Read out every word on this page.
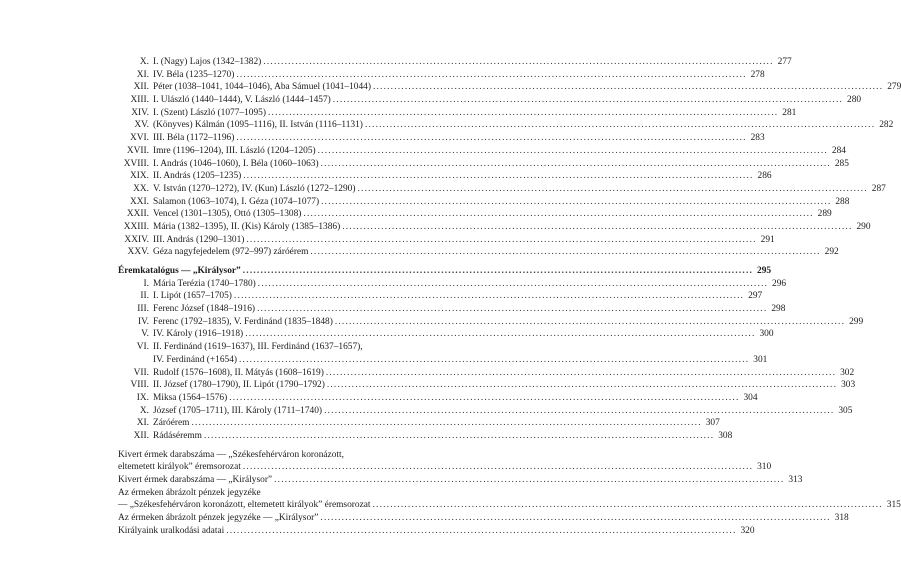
X. I. (Nagy) Lajos (1342–1382) .....	277
XI. IV. Béla (1235–1270) .....	278
XII. Péter (1038–1041, 1044–1046), Aba Sámuel (1041–1044) .....	279
XIII. I. Ulászló (1440–1444), V. László (1444–1457) .....	280
XIV. I. (Szent) László (1077–1095) .....	281
XV. (Könyves) Kálmán (1095–1116), II. István (1116–1131) .....	282
XVI. III. Béla (1172–1196) .....	283
XVII. Imre (1196–1204), III. László (1204–1205) .....	284
XVIII. I. András (1046–1060), I. Béla (1060–1063) .....	285
XIX. II. András (1205–1235) .....	286
XX. V. István (1270–1272), IV. (Kun) László (1272–1290) .....	287
XXI. Salamon (1063–1074), I. Géza (1074–1077) .....	288
XXII. Vencel (1301–1305), Ottó (1305–1308) .....	289
XXIII. Mária (1382–1395), II. (Kis) Károly (1385–1386) .....	290
XXIV. III. András (1290–1301) .....	291
XXV. Géza nagyfejedelem (972–997) záróérem .....	292
Éremkatalógus — „Királysor” .....	295
I. Mária Terézia (1740–1780) .....	296
II. I. Lipót (1657–1705) .....	297
III. Ferenc József (1848–1916) .....	298
IV. Ferenc (1792–1835), V. Ferdinánd (1835–1848) .....	299
V. IV. Károly (1916–1918) .....	300
VI. II. Ferdinánd (1619–1637), III. Ferdinánd (1637–1657),
IV. Ferdinánd (+1654) .....	301
VII. Rudolf (1576–1608), II. Mátyás (1608–1619) .....	302
VIII. II. József (1780–1790), II. Lipót (1790–1792) .....	303
IX. Miksa (1564–1576) .....	304
X. József (1705–1711), III. Károly (1711–1740) .....	305
XI. Záróérem .....	307
XII. Rádáséremm .....	308
Kivert érmek darabszáma — „Székesfehérváron koronázott,
eltemetett királyok” éremsorozat .....	310
Kivert érmek darabszáma — „Királysor” .....	313
Az érmeken ábrázolt pénzek jegyzéke
— „Székesfehérváron koronázott, eltemetett királyok” éremsorozat .....	315
Az érmeken ábrázolt pénzek jegyzéke — „Királysor” .....	318
Királyaink uralkodási adatai .....	320
